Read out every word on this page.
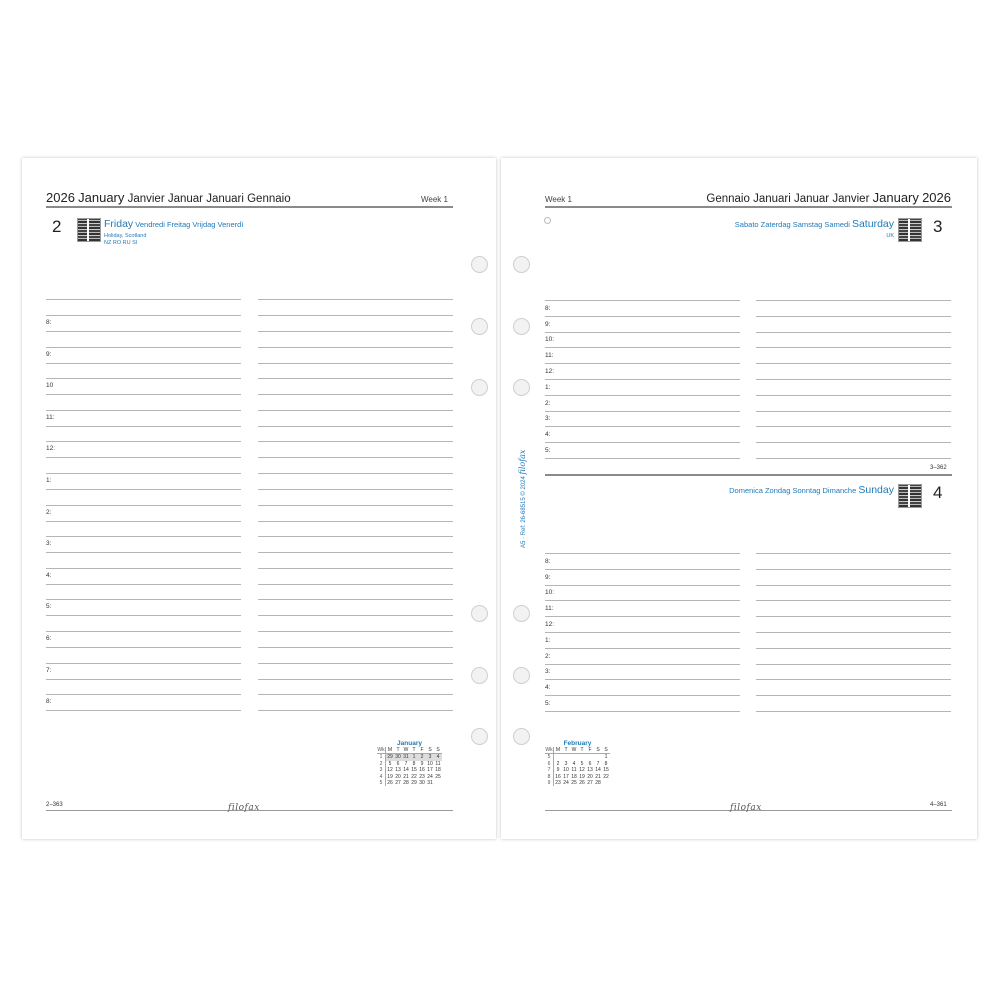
2026 January Janvier Januar Januari Gennaio	Week 1
2	Friday Vendredi Freitag Vrijdag Venerdì
Holiday, Scotland
NZ RO RU SI
8:
9:
10
11:
12:
1:
2:
3:
4:
5:
6:
7:
8:
January
Wk	M	T	W	T	F	S	S
1	29	30	31	1	2	3	4
2	5	6	7	8	9	10	11
3	12	13	14	15	16	17	18
4	19	20	21	22	23	24	25
5	26	27	28	29	30	31	
2–363	filofax
Week 1	Gennaio Januari Januar Janvier January 2026
Sabato Zaterdag Samstag Samedi Saturday
UK 3
3–362
Domenica Zondag Sonntag Dimanche Sunday 4
8:
9:
10:
11:
12:
1:
2:
3:
4:
5:
8:
9:
10:
11:
12:
1:
2:
3:
4:
5:
February
Wk	M	T	W	T	F	S	S
5							1
6	2	3	4	5	6	7	8
7	9	10	11	12	13	14	15
8	16	17	18	19	20	21	22
9	23	24	25	26	27	28	
filofax	4–361
A5 · Ref: 26-68515 © 2024 filofax
